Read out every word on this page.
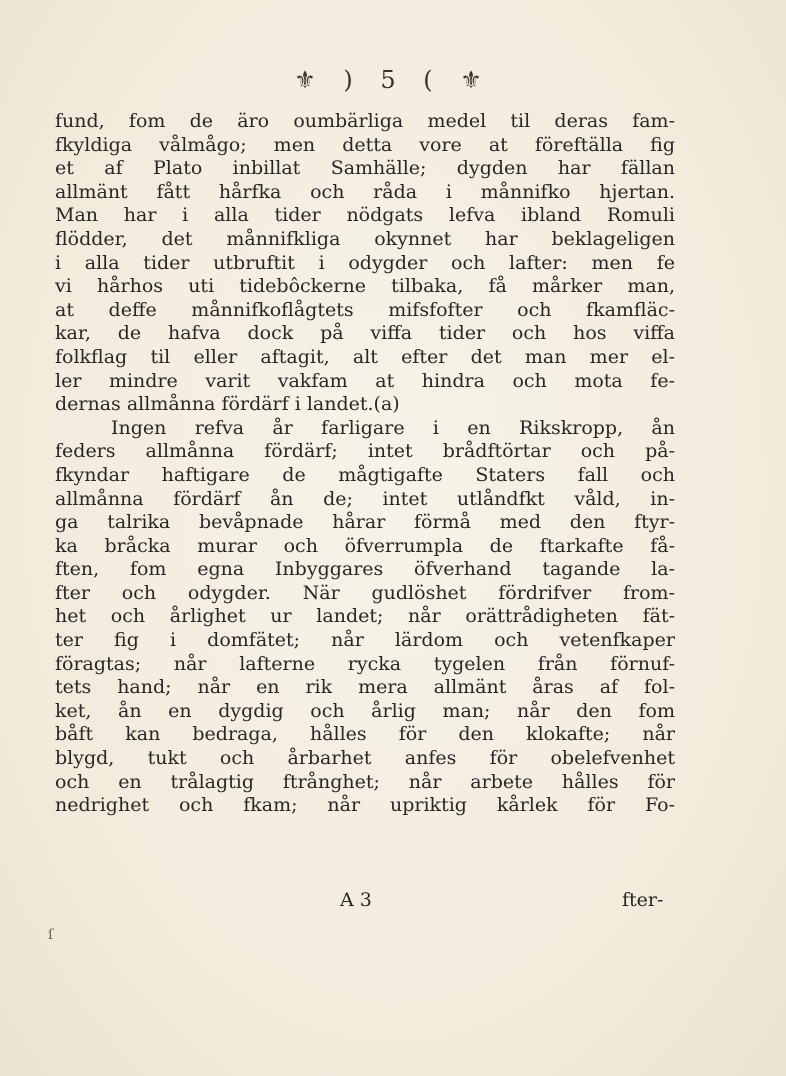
⚜ ) 5 ( ⚜
fund, fom de äro oumbärliga medel til deras fam-
fkyldiga vålmågo; men detta vore at föreftälla fig
et af Plato inbillat Samhälle; dygden har fällan
allmänt fått hårfka och råda i månnifko hjertan.
Man har i alla tider nödgats lefva ibland Romuli
flödder, det månnifkliga okynnet har beklageligen
i alla tider utbruftit i odygder och lafter: men fe
vi hårhos uti tidebôckerne tilbaka, få mårker man,
at deffe månnifkoflågtets mifsfofter och fkamfläc-
kar, de hafva dock på viffa tider och hos viffa
folkflag til eller aftagit, alt efter det man mer el-
ler mindre varit vakfam at hindra och mota fe-
dernas allmånna fördärf i landet.(a)
Ingen refva år farligare i en Rikskropp, ån
feders allmånna fördärf; intet brådftörtar och på-
fkyndar haftigare de mågtigafte Staters fall och
allmånna fördärf ån de; intet utlåndfkt våld, in-
ga talrika bevåpnade hårar förmå med den ftyr-
ka bråcka murar och öfverrumpla de ftarkafte få-
ften, fom egna Inbyggares öfverhand tagande la-
fter och odygder. När gudlöshet fördrifver from-
het och årlighet ur landet; når orättrådigheten fät-
ter fig i domfätet; når lärdom och vetenfkaper
föragtas; når lafterne rycka tygelen från förnuf-
tets hand; når en rik mera allmänt åras af fol-
ket, ån en dygdig och årlig man; når den fom
båft kan bedraga, hålles för den klokafte; når
blygd, tukt och årbarhet anfes för obelefvenhet
och en trålagtig ftrånghet; når arbete hålles för
nedrighet och fkam; når upriktig kårlek för Fo-
A 3	fter-
ſ
